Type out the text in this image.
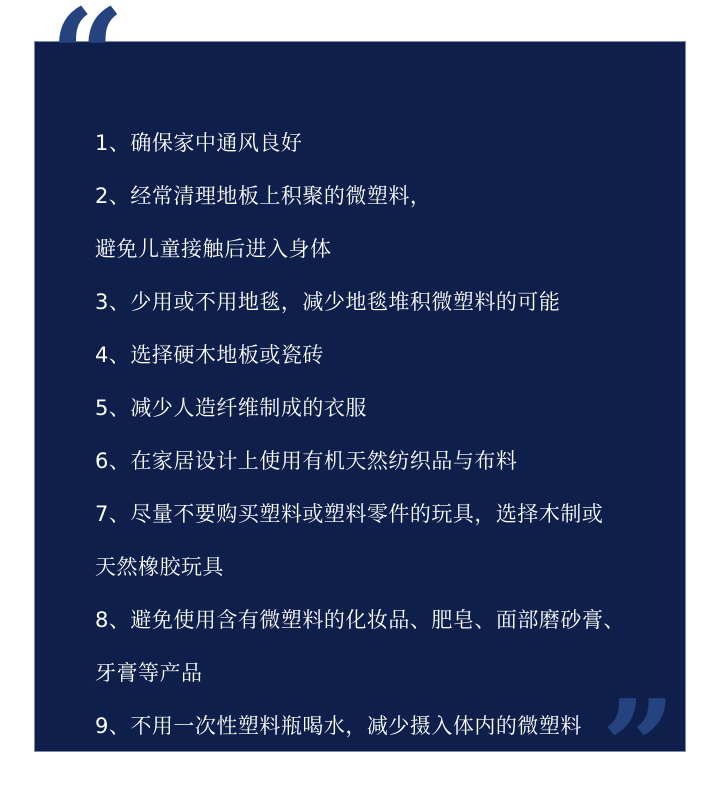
1、确保家中通风良好
2、经常清理地板上积聚的微塑料，
避免儿童接触后进入身体
3、少用或不用地毯，减少地毯堆积微塑料的可能
4、选择硬木地板或瓷砖
5、减少人造纤维制成的衣服
6、在家居设计上使用有机天然纺织品与布料
7、尽量不要购买塑料或塑料零件的玩具，选择木制或
天然橡胶玩具
8、避免使用含有微塑料的化妆品、肥皂、面部磨砂膏、
牙膏等产品
9、不用一次性塑料瓶喝水，减少摄入体内的微塑料
10、在室内使用空气净化机，畅享洁净呼吸体验
“
”
